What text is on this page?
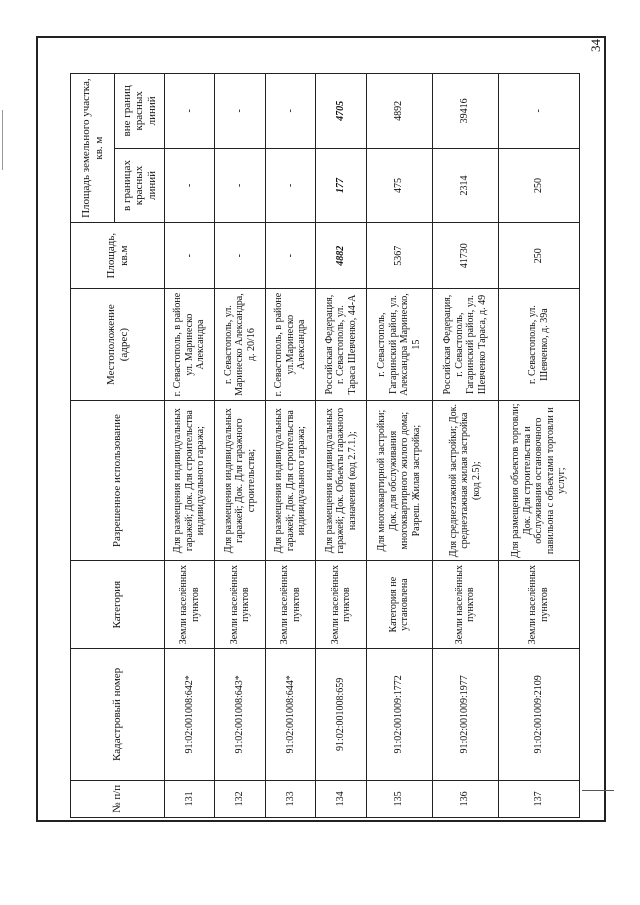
34
№ п/п	Кадастровый номер	Категория	Разрешенное использование	Местоположение (адрес)	Площадь, кв.м	Площадь земельного участка, кв. м	
						в границах красных линий	вне границ красных линий
131	91:02:001008:642*	Земли населённых пунктов	Для размещения индивидуальных гаражей; Док. Для строительства индивидуального гаража;	г. Севастополь, в районе ул. Маринеско Александра	-	-	-
132	91:02:001008:643*	Земли населённых пунктов	Для размещения индивидуальных гаражей; Док. Для гаражного строительства;	г. Севастополь, ул. Маринеско Александра, д. 20/16	-	-	-
133	91:02:001008:644*	Земли населённых пунктов	Для размещения индивидуальных гаражей; Док. Для строительства индивидуального гаража;	г. Севастополь, в районе ул.Маринеско Александра	-	-	-
134	91:02:001008:659	Земли населённых пунктов	Для размещения индивидуальных гаражей; Док. Объекты гаражного назначения (код 2.7.1.);	Российская Федерация, г. Севастополь, ул. Тараса Шевченко, 44-А	4882	177	4705
135	91:02:001009:1772	Категория не установлена	Для многоквартирной застройки; Док. для обслуживания многоквартирного жилого дома; Разреш. Жилая застройка;	г. Севастополь, Гагаринский район, ул. Александра Маринеско, 15	5367	475	4892
136	91:02:001009:1977	Земли населённых пунктов	Для среднеэтажной застройки; Док. среднеэтажная жилая застройка (код 2.5);	Российская Федерация, г. Севастополь, Гагаринский район, ул. Шевченко Тараса, д. 49	41730	2314	39416
137	91:02:001009:2109	Земли населённых пунктов	Для размещения объектов торговли; Док. Для строительства и обслуживания остановочного павильона с объектами торговли и услуг;	г. Севастополь, ул. Шевченко, д. 39а	250	250	-
